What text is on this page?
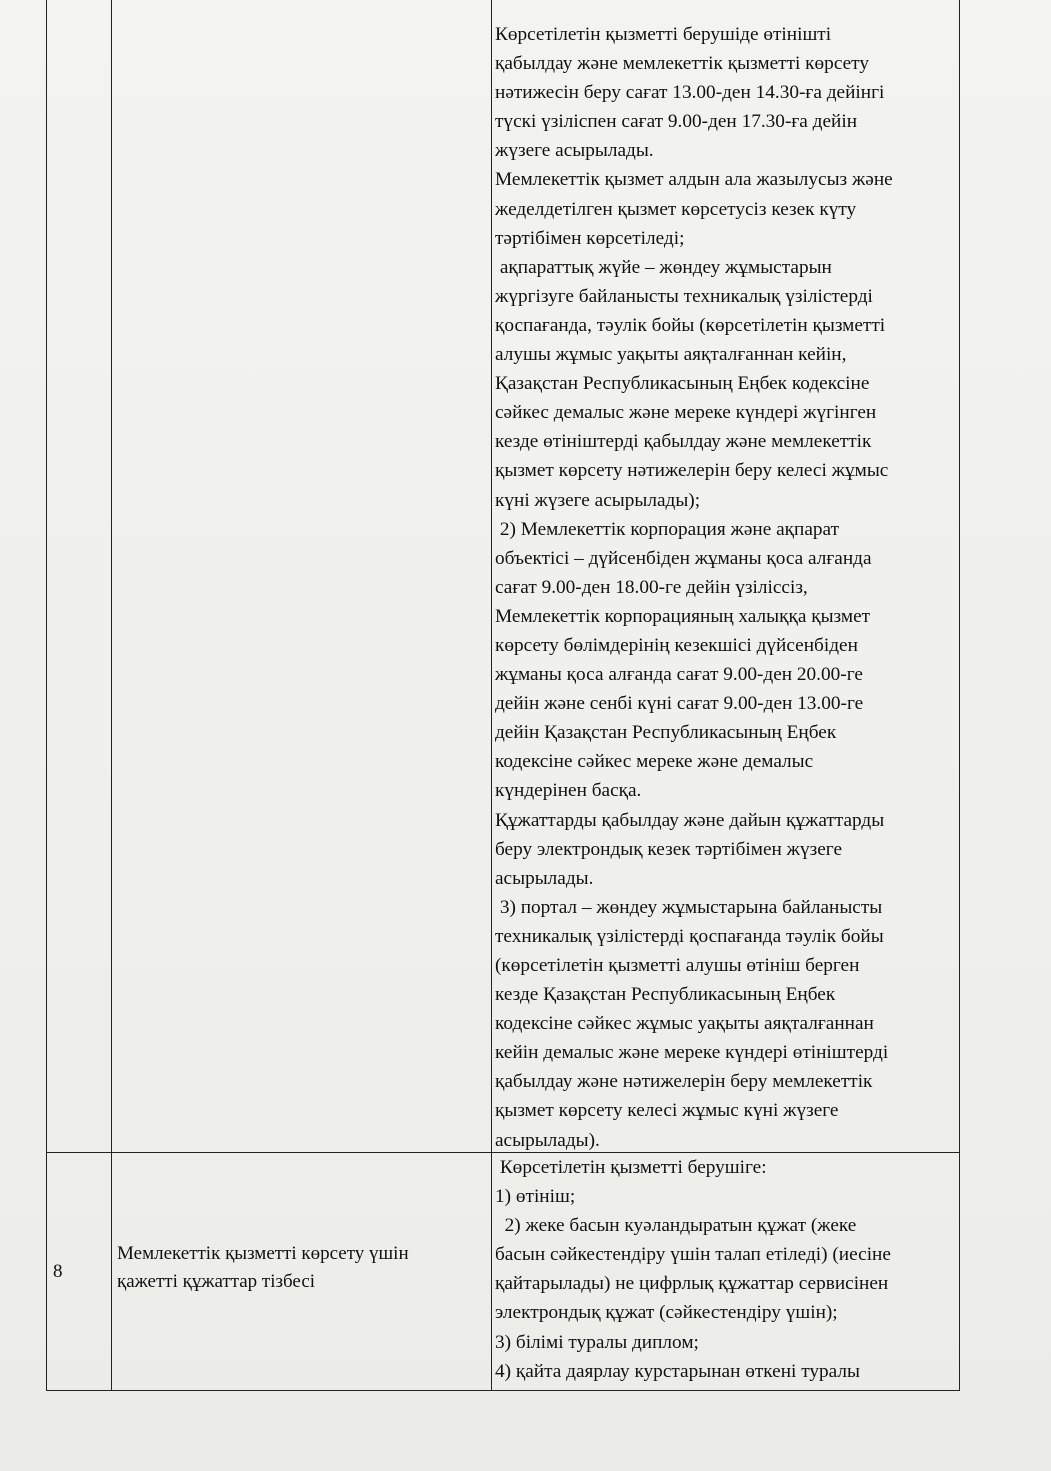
Көрсетілетін қызметті берушіде өтінішті
қабылдау және мемлекеттік қызметті көрсету
нәтижесін беру сағат 13.00-ден 14.30-ға дейінгі
түскі үзіліспен сағат 9.00-ден 17.30-ға дейін
жүзеге асырылады.
Мемлекеттік қызмет алдын ала жазылусыз және
жеделдетілген қызмет көрсетусіз кезек күту
тәртібімен көрсетіледі;
ақпараттық жүйе – жөндеу жұмыстарын
жүргізуге байланысты техникалық үзілістерді
қоспағанда, тәулік бойы (көрсетілетін қызметті
алушы жұмыс уақыты аяқталғаннан кейін,
Қазақстан Республикасының Еңбек кодексіне
сәйкес демалыс және мереке күндері жүгінген
кезде өтініштерді қабылдау және мемлекеттік
қызмет көрсету нәтижелерін беру келесі жұмыс
күні жүзеге асырылады);
2) Мемлекеттік корпорация және ақпарат
объектісі – дүйсенбіден жұманы қоса алғанда
сағат 9.00-ден 18.00-ге дейін үзіліссіз,
Мемлекеттік корпорацияның халыққа қызмет
көрсету бөлімдерінің кезекшісі дүйсенбіден
жұманы қоса алғанда сағат 9.00-ден 20.00-ге
дейін және сенбі күні сағат 9.00-ден 13.00-ге
дейін Қазақстан Республикасының Еңбек
кодексіне сәйкес мереке және демалыс
күндерінен басқа.
Құжаттарды қабылдау және дайын құжаттарды
беру электрондық кезек тәртібімен жүзеге
асырылады.
3) портал – жөндеу жұмыстарына байланысты
техникалық үзілістерді қоспағанда тәулік бойы
(көрсетілетін қызметті алушы өтініш берген
кезде Қазақстан Республикасының Еңбек
кодексіне сәйкес жұмыс уақыты аяқталғаннан
кейін демалыс және мереке күндері өтініштерді
қабылдау және нәтижелерін беру мемлекеттік
қызмет көрсету келесі жұмыс күні жүзеге
асырылады).
8
Мемлекеттік қызметті көрсету үшін
қажетті құжаттар тізбесі
Көрсетілетін қызметті берушіге:
1) өтініш;
2) жеке басын куәландыратын құжат (жеке
басын сәйкестендіру үшін талап етіледі) (иесіне
қайтарылады) не цифрлық құжаттар сервисінен
электрондық құжат (сәйкестендіру үшін);
3) білімі туралы диплом;
4) қайта даярлау курстарынан өткені туралы
